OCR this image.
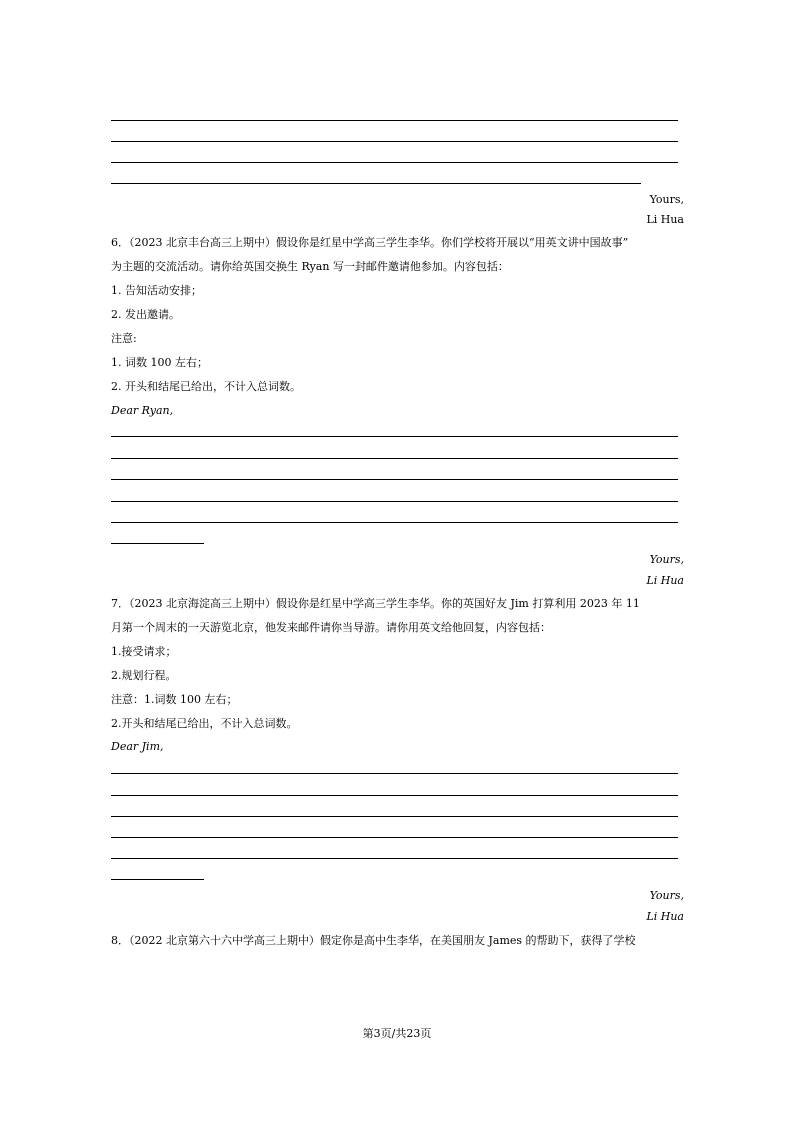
Yours,
Li Hua
6．（2023 北京丰台高三上期中）假设你是红星中学高三学生李华。你们学校将开展以“用英文讲中国故事”
为主题的交流活动。请你给英国交换生 Ryan 写一封邮件邀请他参加。内容包括：
1. 告知活动安排；
2. 发出邀请。
注意:
1. 词数 100 左右；
2. 开头和结尾已给出，不计入总词数。
Dear Ryan,
Yours,
Li Hua
7．（2023 北京海淀高三上期中）假设你是红星中学高三学生李华。你的英国好友 Jim 打算利用 2023 年 11
月第一个周末的一天游览北京，他发来邮件请你当导游。请你用英文给他回复，内容包括：
1.接受请求；
2.规划行程。
注意：1.词数 100 左右；
2.开头和结尾已给出，不计入总词数。
Dear Jim,
Yours,
Li Hua
8．（2022 北京第六十六中学高三上期中）假定你是高中生李华，在美国朋友 James 的帮助下，获得了学校
第3页/共23页
